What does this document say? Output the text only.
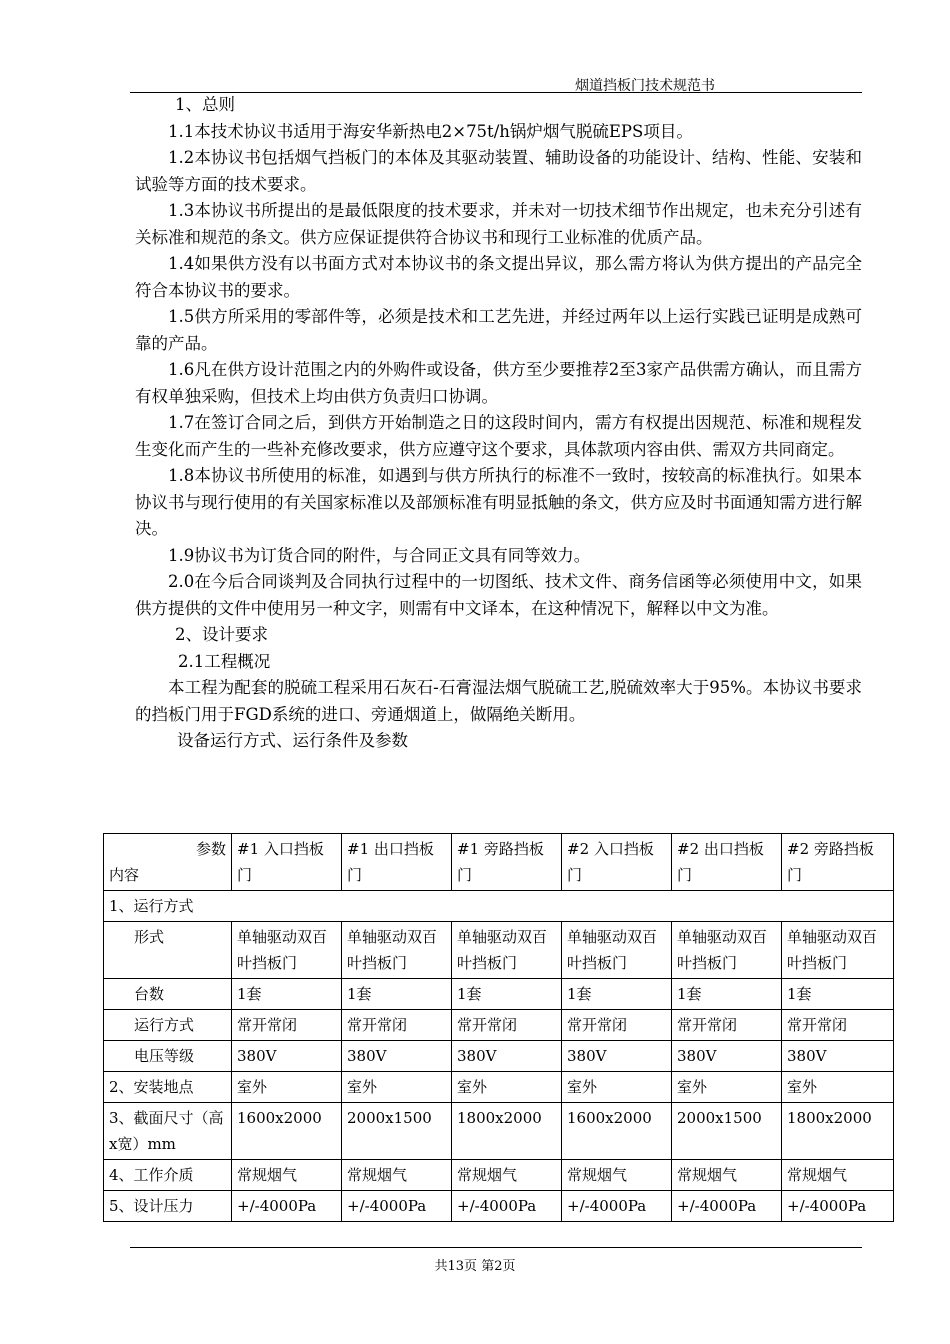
烟道挡板门技术规范书

1、总则

1.1本技术协议书适用于海安华新热电2×75t/h锅炉烟气脱硫EPS项目。

1.2本协议书包括烟气挡板门的本体及其驱动装置、辅助设备的功能设计、结构、性能、安装和试验等方面的技术要求。

1.3本协议书所提出的是最低限度的技术要求，并未对一切技术细节作出规定，也未充分引述有关标准和规范的条文。供方应保证提供符合协议书和现行工业标准的优质产品。

1.4如果供方没有以书面方式对本协议书的条文提出异议，那么需方将认为供方提出的产品完全符合本协议书的要求。

1.5供方所采用的零部件等，必须是技术和工艺先进，并经过两年以上运行实践已证明是成熟可靠的产品。

1.6凡在供方设计范围之内的外购件或设备，供方至少要推荐2至3家产品供需方确认，而且需方有权单独采购，但技术上均由供方负责归口协调。

1.7在签订合同之后，到供方开始制造之日的这段时间内，需方有权提出因规范、标准和规程发生变化而产生的一些补充修改要求，供方应遵守这个要求，具体款项内容由供、需双方共同商定。

1.8本协议书所使用的标准，如遇到与供方所执行的标准不一致时，按较高的标准执行。如果本协议书与现行使用的有关国家标准以及部颁标准有明显抵触的条文，供方应及时书面通知需方进行解决。

1.9协议书为订货合同的附件，与合同正文具有同等效力。

2.0在今后合同谈判及合同执行过程中的一切图纸、技术文件、商务信函等必须使用中文，如果供方提供的文件中使用另一种文字，则需有中文译本，在这种情况下，解释以中文为准。

2、设计要求

2.1工程概况

本工程为配套的脱硫工程采用石灰石-石膏湿法烟气脱硫工艺,脱硫效率大于95%。本协议书要求的挡板门用于FGD系统的进口、旁通烟道上，做隔绝关断用。

设备运行方式、运行条件及参数

参数
内容	#1 入口挡板门	#1 出口挡板门	#1 旁路挡板门	#2 入口挡板门	#2 出口挡板门	#2 旁路挡板门
1、运行方式						
形式	单轴驱动双百叶挡板门	单轴驱动双百叶挡板门	单轴驱动双百叶挡板门	单轴驱动双百叶挡板门	单轴驱动双百叶挡板门	单轴驱动双百叶挡板门
台数	1套	1套	1套	1套	1套	1套
运行方式	常开常闭	常开常闭	常开常闭	常开常闭	常开常闭	常开常闭
电压等级	380V	380V	380V	380V	380V	380V
2、安装地点	室外	室外	室外	室外	室外	室外
3、截面尺寸（高x宽）mm	1600x2000	2000x1500	1800x2000	1600x2000	2000x1500	1800x2000
4、工作介质	常规烟气	常规烟气	常规烟气	常规烟气	常规烟气	常规烟气
5、设计压力	+/-4000Pa	+/-4000Pa	+/-4000Pa	+/-4000Pa	+/-4000Pa	+/-4000Pa
共13页 第2页
